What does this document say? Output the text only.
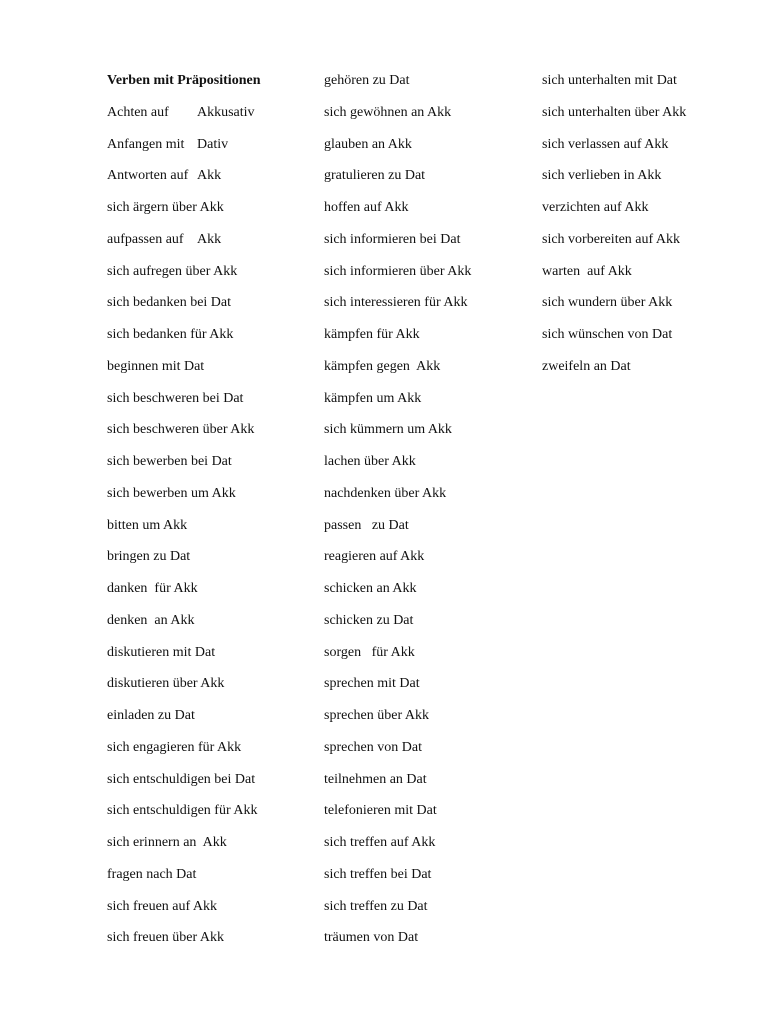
Verben mit Präpositionen
Achten auf Akkusativ
Anfangen mit Dativ
Antworten auf Akk
sich ärgern über Akk
aufpassen auf Akk
sich aufregen über Akk
sich bedanken bei Dat
sich bedanken für Akk
beginnen mit Dat
sich beschweren bei Dat
sich beschweren über Akk
sich bewerben bei Dat
sich bewerben um Akk
bitten um Akk
bringen zu Dat
danken  für Akk
denken  an Akk
diskutieren mit Dat
diskutieren über Akk
einladen zu Dat
sich engagieren für Akk
sich entschuldigen bei Dat
sich entschuldigen für Akk
sich erinnern an  Akk
fragen nach Dat
sich freuen auf Akk
sich freuen über Akk
gehören zu Dat
sich gewöhnen an Akk
glauben an Akk
gratulieren zu Dat
hoffen auf Akk
sich informieren bei Dat
sich informieren über Akk
sich interessieren für Akk
kämpfen für Akk
kämpfen gegen  Akk
kämpfen um Akk
sich kümmern um Akk
lachen über Akk
nachdenken über Akk
passen   zu Dat
reagieren auf Akk
schicken an Akk
schicken zu Dat
sorgen   für Akk
sprechen mit Dat
sprechen über Akk
sprechen von Dat
teilnehmen an Dat
telefonieren mit Dat
sich treffen auf Akk
sich treffen bei Dat
sich treffen zu Dat
träumen von Dat
sich unterhalten mit Dat
sich unterhalten über Akk
sich verlassen auf Akk
sich verlieben in Akk
verzichten auf Akk
sich vorbereiten auf Akk
warten  auf Akk
sich wundern über Akk
sich wünschen von Dat
zweifeln an Dat
